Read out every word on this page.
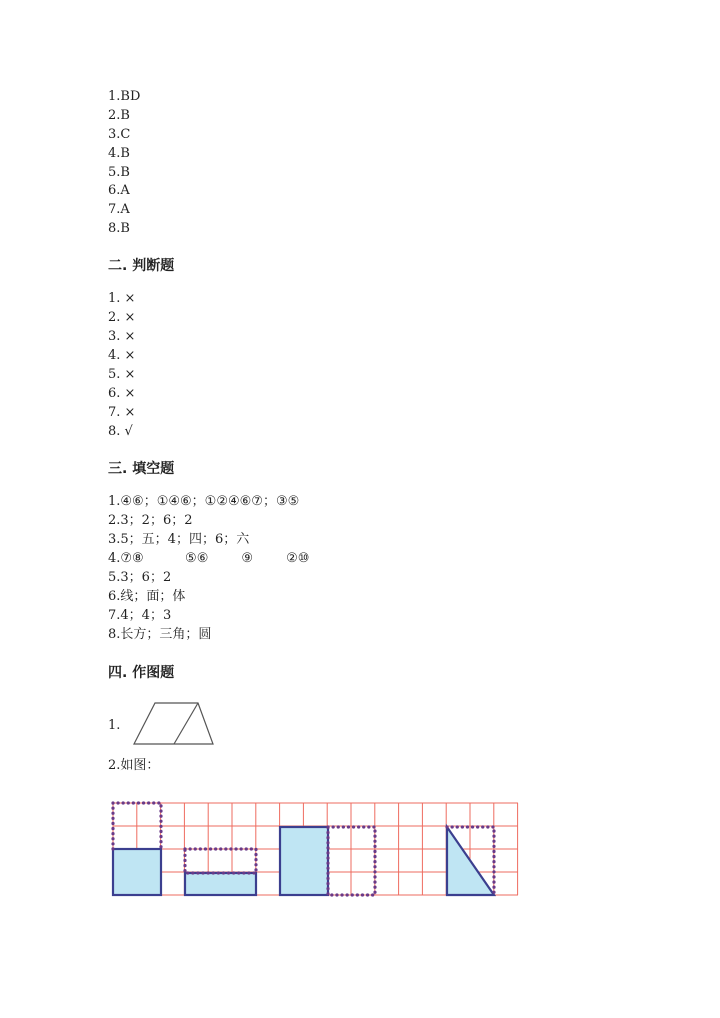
1.BD
2.B
3.C
4.B
5.B
6.A
7.A
8.B
二. 判断题
1. ×
2. ×
3. ×
4. ×
5. ×
6. ×
7. ×
8. √
三. 填空题
1.④⑥；①④⑥；①②④⑥⑦；③⑤
2.3；2；6；2
3.5；五；4；四；6；六
4.⑦⑧          ⑤⑥        ⑨        ②⑩
5.3；6；2
6.线；面；体
7.4；4；3
8.长方；三角；圆
四. 作图题
1.
2.如图：
